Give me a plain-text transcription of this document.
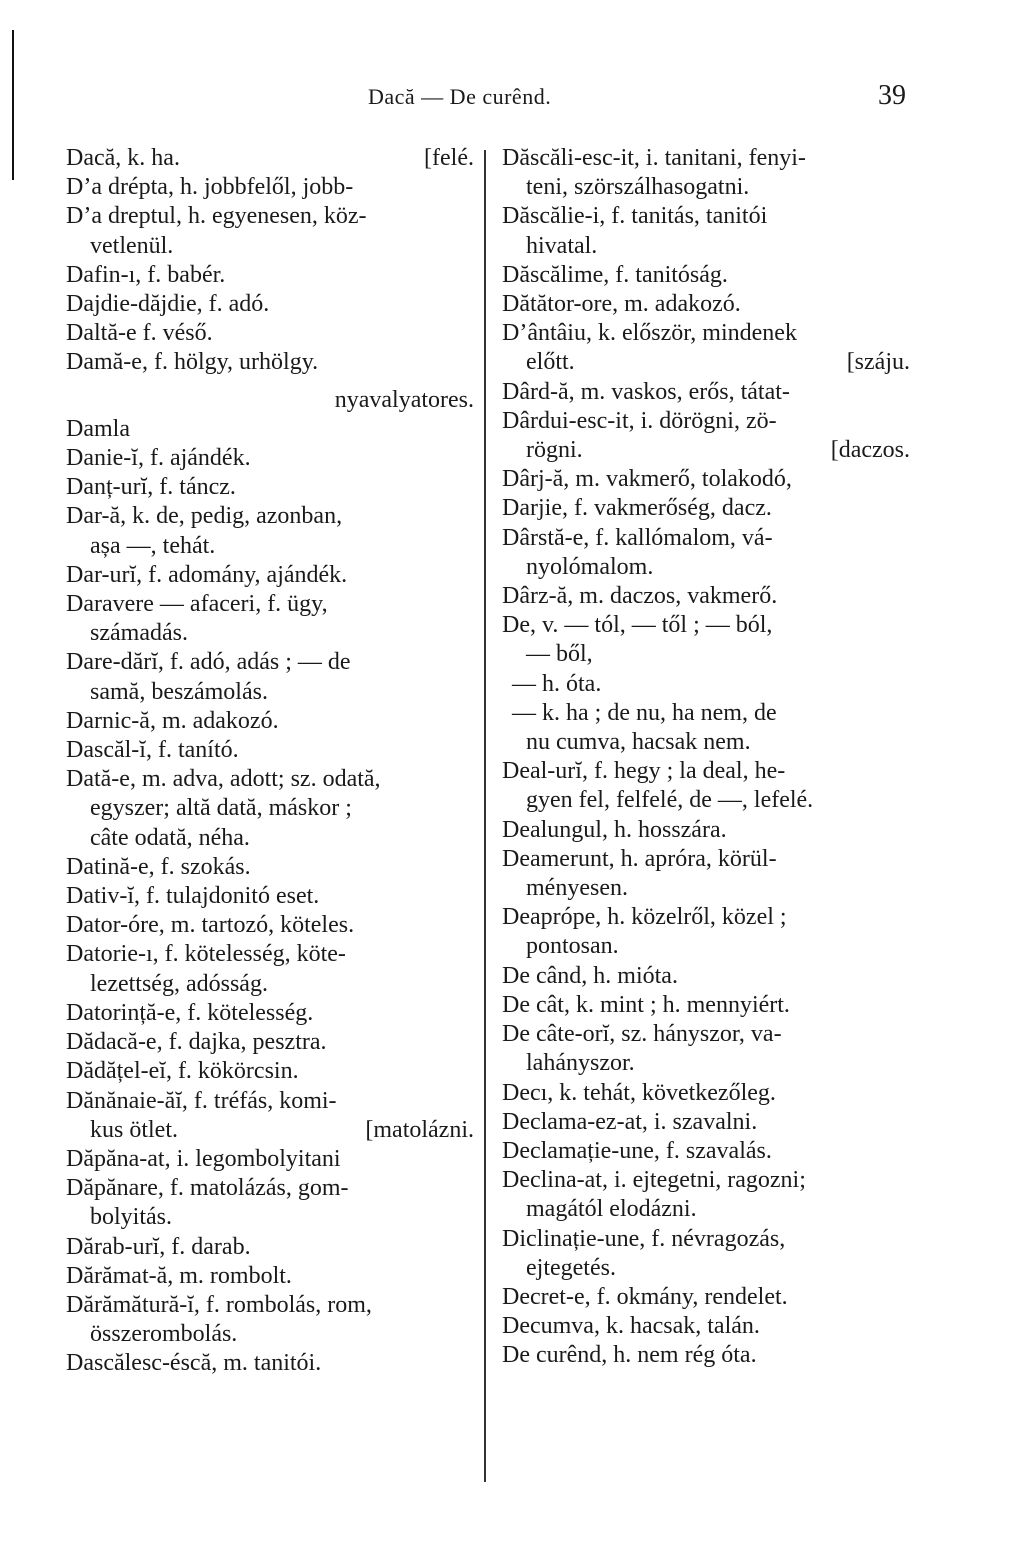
Dacă — De curênd.	39
Dacă, k. ha.	[felé.
D’a drépta, h. jobbfelől, jobb-
D’a dreptul, h. egyenesen, köz-
vetlenül.
Dafin-ı, f. babér.
Dajdie-dăjdie, f. adó.
Daltă-e f. véső.
Damă-e, f. hölgy, urhölgy.
nyavalyatores.
Damla
Danie-ĭ, f. ajándék.
Danț-urĭ, f. táncz.
Dar-ă, k. de, pedig, azonban,
așa —, tehát.
Dar-urĭ, f. adomány, ajándék.
Daravere — afaceri, f. ügy,
számadás.
Dare-dărĭ, f. adó, adás ; — de
samă, beszámolás.
Darnic-ă, m. adakozó.
Dascăl-ĭ, f. tanító.
Dată-e, m. adva, adott; sz. odată,
egyszer; altă dată, máskor ;
câte odată, néha.
Datină-e, f. szokás.
Dativ-ĭ, f. tulajdonitó eset.
Dator-óre, m. tartozó, köteles.
Datorie-ı, f. kötelesség, köte-
lezettség, adósság.
Datorință-e, f. kötelesség.
Dădacă-e, f. dajka, pesztra.
Dădățel-eĭ, f. kökörcsin.
Dănănaie-ăĭ, f. tréfás, komi-
kus ötlet.	[matolázni.
Dăpăna-at, i. legombolyitani
Dăpănare, f. matolázás, gom-
bolyitás.
Dărab-urĭ, f. darab.
Dărămat-ă, m. rombolt.
Dărămătură-ĭ, f. rombolás, rom,
összerombolás.
Dascălesc-éscă, m. tanitói.
Dăscăli-esc-it, i. tanitani, fenyi-
teni, szörszálhasogatni.
Dăscălie-i, f. tanitás, tanitói
hivatal.
Dăscălime, f. tanitóság.
Dătător-ore, m. adakozó.
D’ântâiu, k. először, mindenek
előtt.	[száju.
Dârd-ă, m. vaskos, erős, tátat-
Dârdui-esc-it, i. dörögni, zö-
rögni.	[daczos.
Dârj-ă, m. vakmerő, tolakodó,
Darjie, f. vakmerőség, dacz.
Dârstă-e, f. kallómalom, vá-
nyolómalom.
Dârz-ă, m. daczos, vakmerő.
De, v. — tól, — től ; — ból,
— ből,
— h. óta.
— k. ha ; de nu, ha nem, de
nu cumva, hacsak nem.
Deal-urĭ, f. hegy ; la deal, he-
gyen fel, felfelé, de —, lefelé.
Dealungul, h. hosszára.
Deamerunt, h. apróra, körül-
ményesen.
Deaprópe, h. közelről, közel ;
pontosan.
De când, h. mióta.
De cât, k. mint ; h. mennyiért.
De câte-orĭ, sz. hányszor, va-
lahányszor.
Decı, k. tehát, következőleg.
Declama-ez-at, i. szavalni.
Declamație-une, f. szavalás.
Declina-at, i. ejtegetni, ragozni;
magától elodázni.
Diclinație-une, f. névragozás,
ejtegetés.
Decret-e, f. okmány, rendelet.
Decumva, k. hacsak, talán.
De curênd, h. nem rég óta.
